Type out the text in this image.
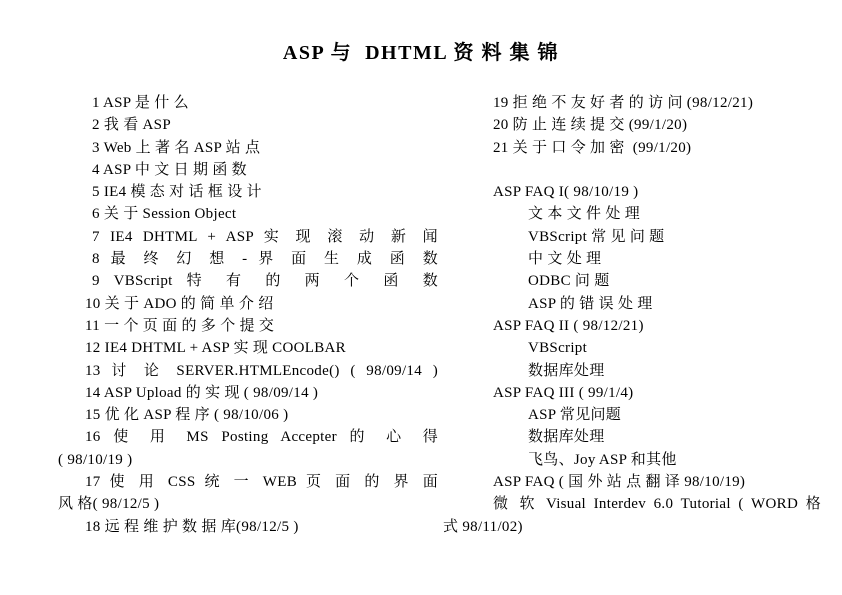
ASP 与  DHTML 资 料 集 锦
1 ASP 是 什 么
2 我 看 ASP
3 Web 上 著 名 ASP 站 点
4 ASP 中 文 日 期 函 数
5 IE4 模 态 对 话 框 设 计
6 关 于 Session Object
7 IE4 DHTML + ASP 实 现 滚 动 新 闻
8 最 终 幻 想 - 界 面 生 成 函 数
9 VBScript 特 有 的 两 个 函 数
10 关 于 ADO 的 简 单 介 绍
11 一 个 页 面 的 多 个 提 交
12 IE4 DHTML + ASP 实 现 COOLBAR
13 讨 论 SERVER.HTMLEncode() ( 98/09/14 )
14 ASP Upload 的 实 现 ( 98/09/14 )
15 优 化 ASP 程 序 ( 98/10/06 )
16 使 用 MS Posting Accepter 的 心 得
( 98/10/19 )
17 使 用 CSS 统 一 WEB 页 面 的 界 面
风 格( 98/12/5 )
18 远 程 维 护 数 据 库(98/12/5 )
19 拒 绝 不 友 好 者 的 访 问 (98/12/21)
20 防 止 连 续 提 交 (99/1/20)
21 关 于 口 令 加 密  (99/1/20)
ASP FAQ I( 98/10/19 )
文 本 文 件 处 理
VBScript 常 见 问 题
中 文 处 理
ODBC 问 题
ASP 的 错 误 处 理
ASP FAQ II ( 98/12/21)
VBScript
数据库处理
ASP FAQ III ( 99/1/4)
ASP 常见问题
数据库处理
飞鸟、Joy ASP 和其他
ASP FAQ ( 国 外 站 点 翻 译 98/10/19)
微 软 Visual Interdev 6.0 Tutorial ( WORD 格
式 98/11/02)
